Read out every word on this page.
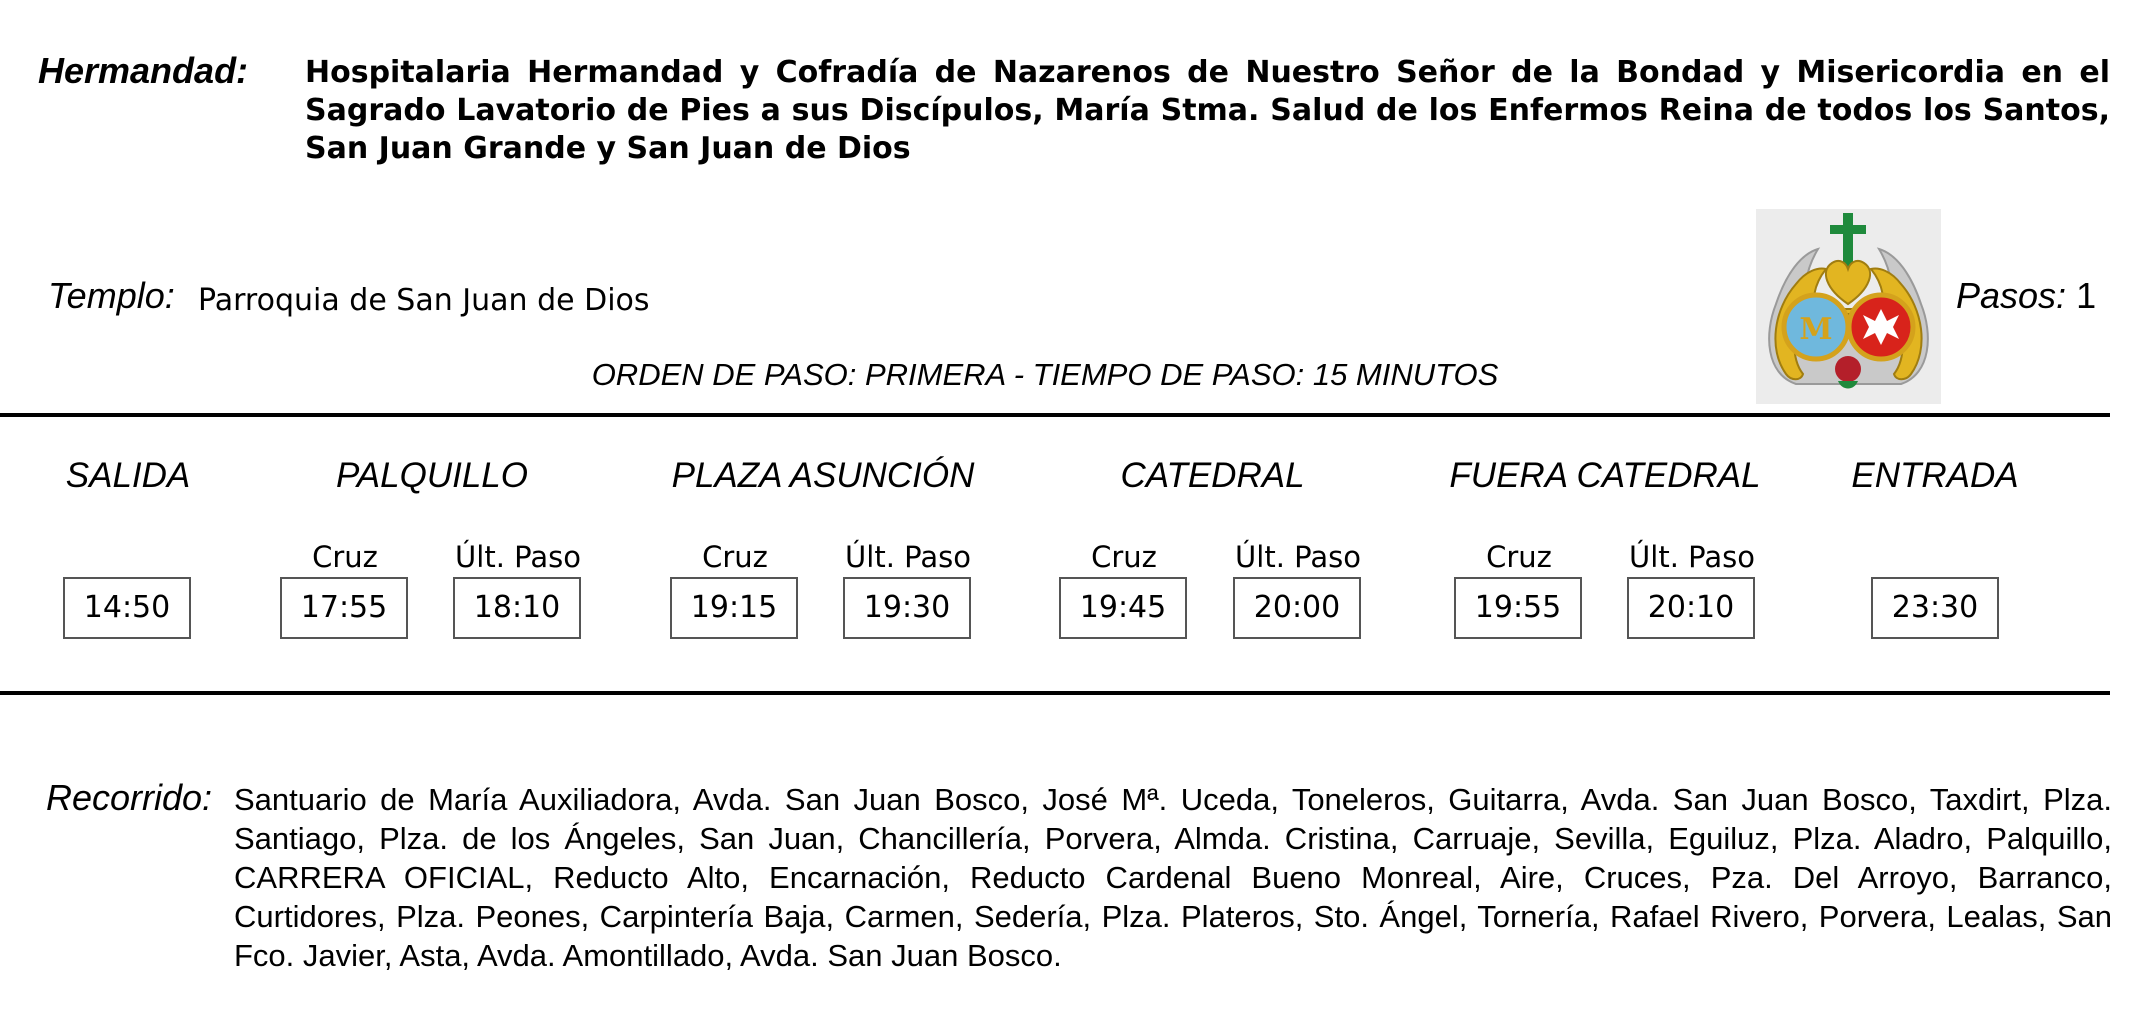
Hermandad: Hospitalaria Hermandad y Cofradía de Nazarenos de Nuestro Señor de la Bondad y Misericordia en el Sagrado Lavatorio de Pies a sus Discípulos, María Stma. Salud de los Enfermos Reina de todos los Santos, San Juan Grande y San Juan de Dios
Templo: Parroquia de San Juan de Dios
M
Pasos: 1
ORDEN DE PASO: PRIMERA - TIEMPO DE PASO: 15 MINUTOS
SALIDA	PALQUILLO	PLAZA ASUNCIÓN	CATEDRAL	FUERA CATEDRAL	ENTRADA
Cruz	Últ. Paso	Cruz	Últ. Paso	Cruz	Últ. Paso	Cruz	Últ. Paso
14:50	17:55	18:10	19:15	19:30	19:45	20:00	19:55	20:10	23:30
Recorrido: Santuario de María Auxiliadora, Avda. San Juan Bosco, José Mª. Uceda, Toneleros, Guitarra, Avda. San Juan Bosco, Taxdirt, Plza. Santiago, Plza. de los Ángeles, San Juan, Chancillería, Porvera, Almda. Cristina, Carruaje, Sevilla, Eguiluz, Plza. Aladro, Palquillo, CARRERA OFICIAL, Reducto Alto, Encarnación, Reducto Cardenal Bueno Monreal, Aire, Cruces, Pza. Del Arroyo, Barranco, Curtidores, Plza. Peones, Carpintería Baja, Carmen, Sedería, Plza. Plateros, Sto. Ángel, Tornería, Rafael Rivero, Porvera, Lealas, San Fco. Javier, Asta, Avda. Amontillado, Avda. San Juan Bosco.
